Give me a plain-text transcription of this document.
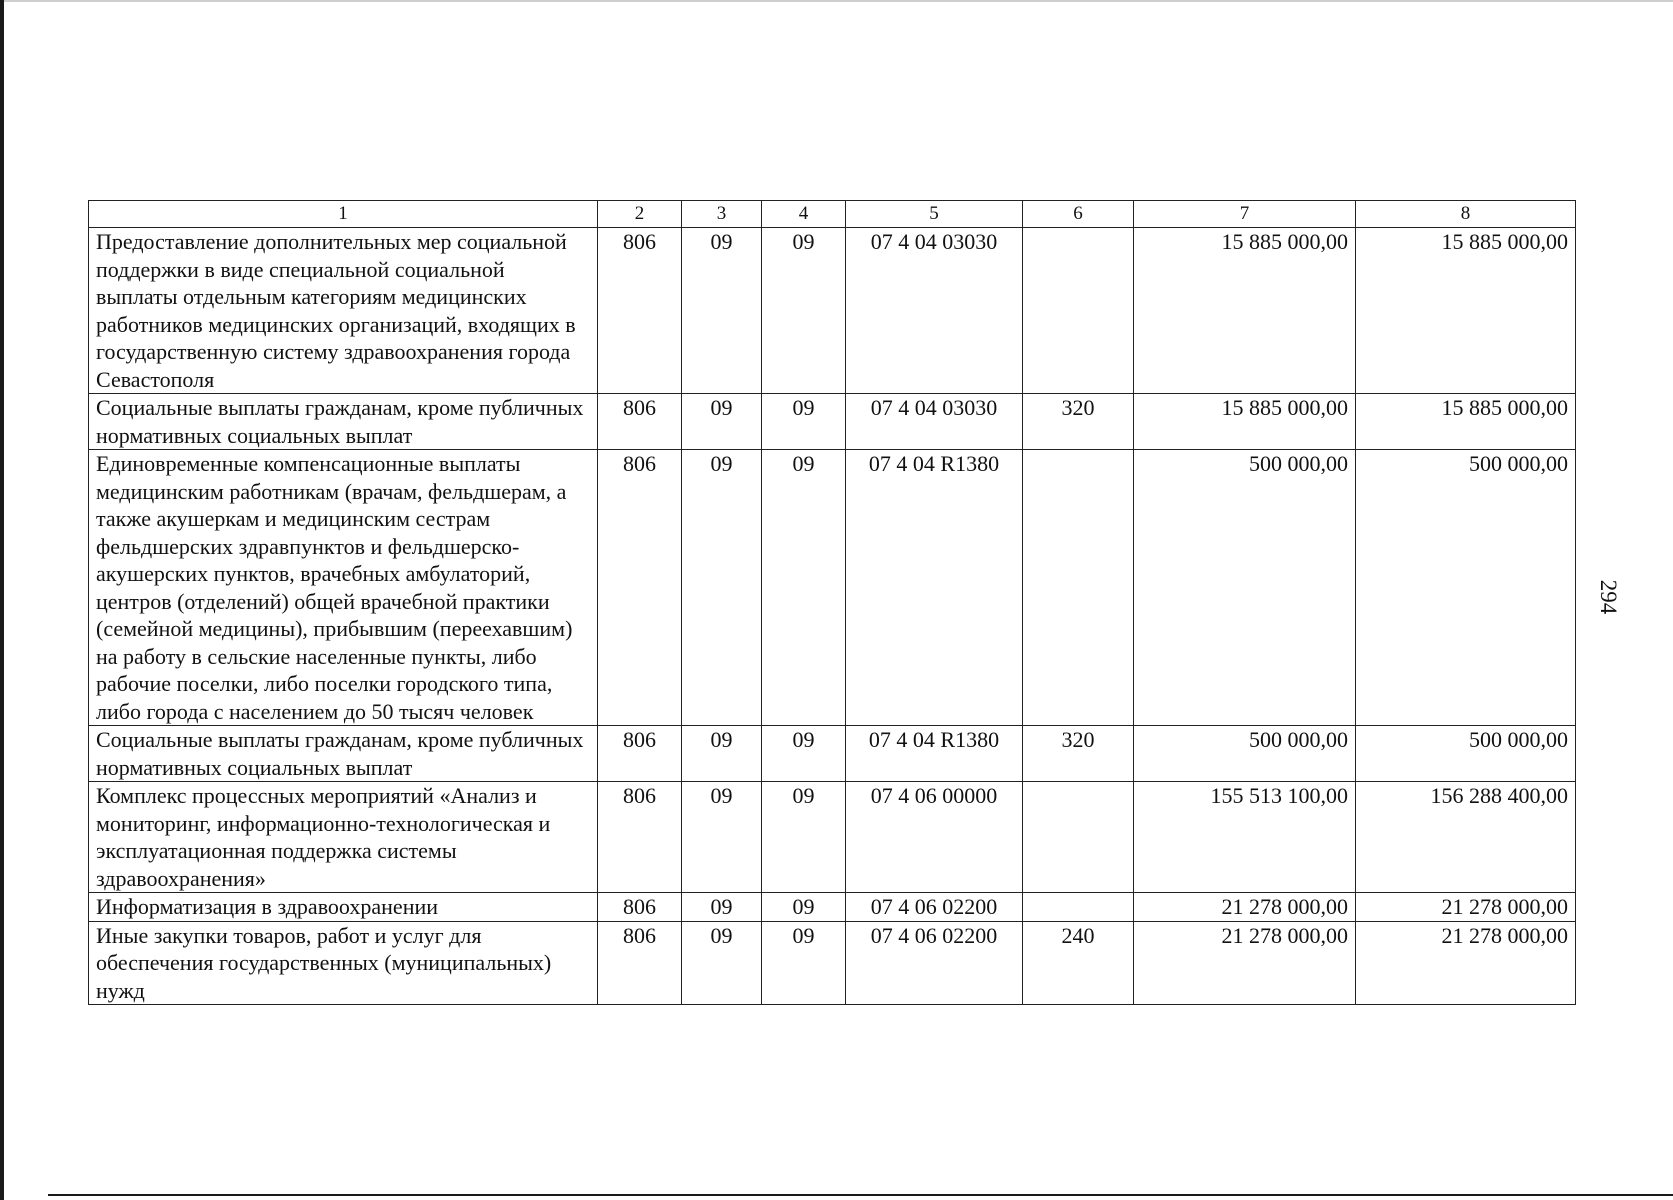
294
1	2	3	4	5	6	7	8
Предоставление дополнительных мер социальной поддержки в виде специальной социальной выплаты отдельным категориям медицинских работников медицинских организаций, входящих в государственную систему здравоохранения города Севастополя	806	09	09	07 4 04 03030		15 885 000,00	15 885 000,00
Социальные выплаты гражданам, кроме публичных нормативных социальных выплат	806	09	09	07 4 04 03030	320	15 885 000,00	15 885 000,00
Единовременные компенсационные выплаты медицинским работникам (врачам, фельдшерам, а также акушеркам и медицинским сестрам фельдшерских здравпунктов и фельдшерско-акушерских пунктов, врачебных амбулаторий, центров (отделений) общей врачебной практики (семейной медицины), прибывшим (переехавшим) на работу в сельские населенные пункты, либо рабочие поселки, либо поселки городского типа, либо города с населением до 50 тысяч человек	806	09	09	07 4 04 R1380		500 000,00	500 000,00
Социальные выплаты гражданам, кроме публичных нормативных социальных выплат	806	09	09	07 4 04 R1380	320	500 000,00	500 000,00
Комплекс процессных мероприятий «Анализ и мониторинг, информационно-технологическая и эксплуатационная поддержка системы здравоохранения»	806	09	09	07 4 06 00000		155 513 100,00	156 288 400,00
Информатизация в здравоохранении	806	09	09	07 4 06 02200		21 278 000,00	21 278 000,00
Иные закупки товаров, работ и услуг для обеспечения государственных (муниципальных) нужд	806	09	09	07 4 06 02200	240	21 278 000,00	21 278 000,00
